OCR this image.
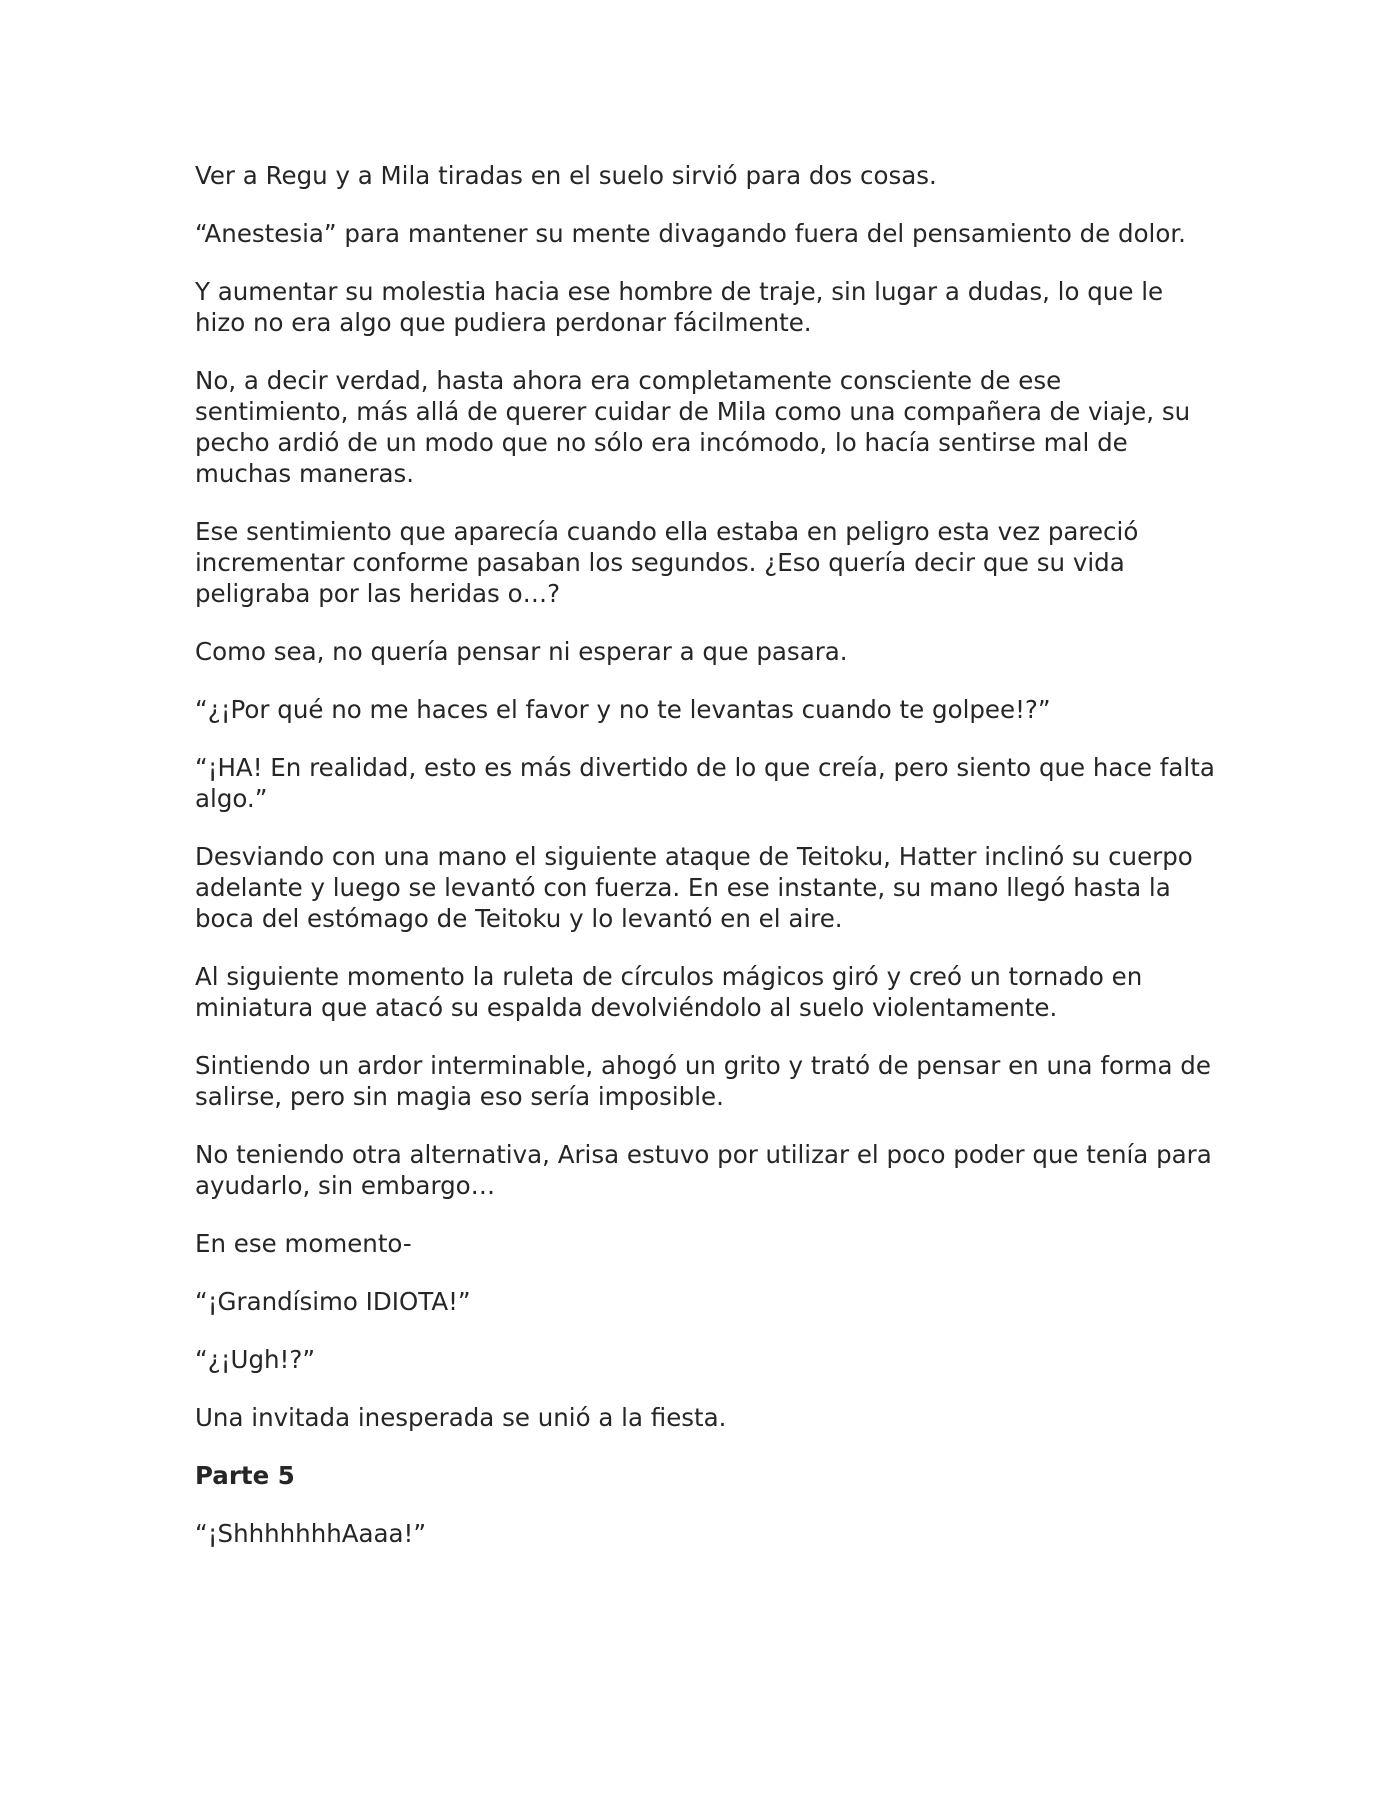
Ver a Regu y a Mila tiradas en el suelo sirvió para dos cosas.

“Anestesia” para mantener su mente divagando fuera del pensamiento de dolor.

Y aumentar su molestia hacia ese hombre de traje, sin lugar a dudas, lo que le hizo no era algo que pudiera perdonar fácilmente.

No, a decir verdad, hasta ahora era completamente consciente de ese sentimiento, más allá de querer cuidar de Mila como una compañera de viaje, su pecho ardió de un modo que no sólo era incómodo, lo hacía sentirse mal de muchas maneras.

Ese sentimiento que aparecía cuando ella estaba en peligro esta vez pareció incrementar conforme pasaban los segundos. ¿Eso quería decir que su vida peligraba por las heridas o…?

Como sea, no quería pensar ni esperar a que pasara.

“¿¡Por qué no me haces el favor y no te levantas cuando te golpee!?”

“¡HA! En realidad, esto es más divertido de lo que creía, pero siento que hace falta algo.”

Desviando con una mano el siguiente ataque de Teitoku, Hatter inclinó su cuerpo adelante y luego se levantó con fuerza. En ese instante, su mano llegó hasta la boca del estómago de Teitoku y lo levantó en el aire.

Al siguiente momento la ruleta de círculos mágicos giró y creó un tornado en miniatura que atacó su espalda devolviéndolo al suelo violentamente.

Sintiendo un ardor interminable, ahogó un grito y trató de pensar en una forma de salirse, pero sin magia eso sería imposible.

No teniendo otra alternativa, Arisa estuvo por utilizar el poco poder que tenía para ayudarlo, sin embargo…

En ese momento-

“¡Grandísimo IDIOTA!”

“¿¡Ugh!?”

Una invitada inesperada se unió a la fiesta.

Parte 5

“¡ShhhhhhhAaaa!”
